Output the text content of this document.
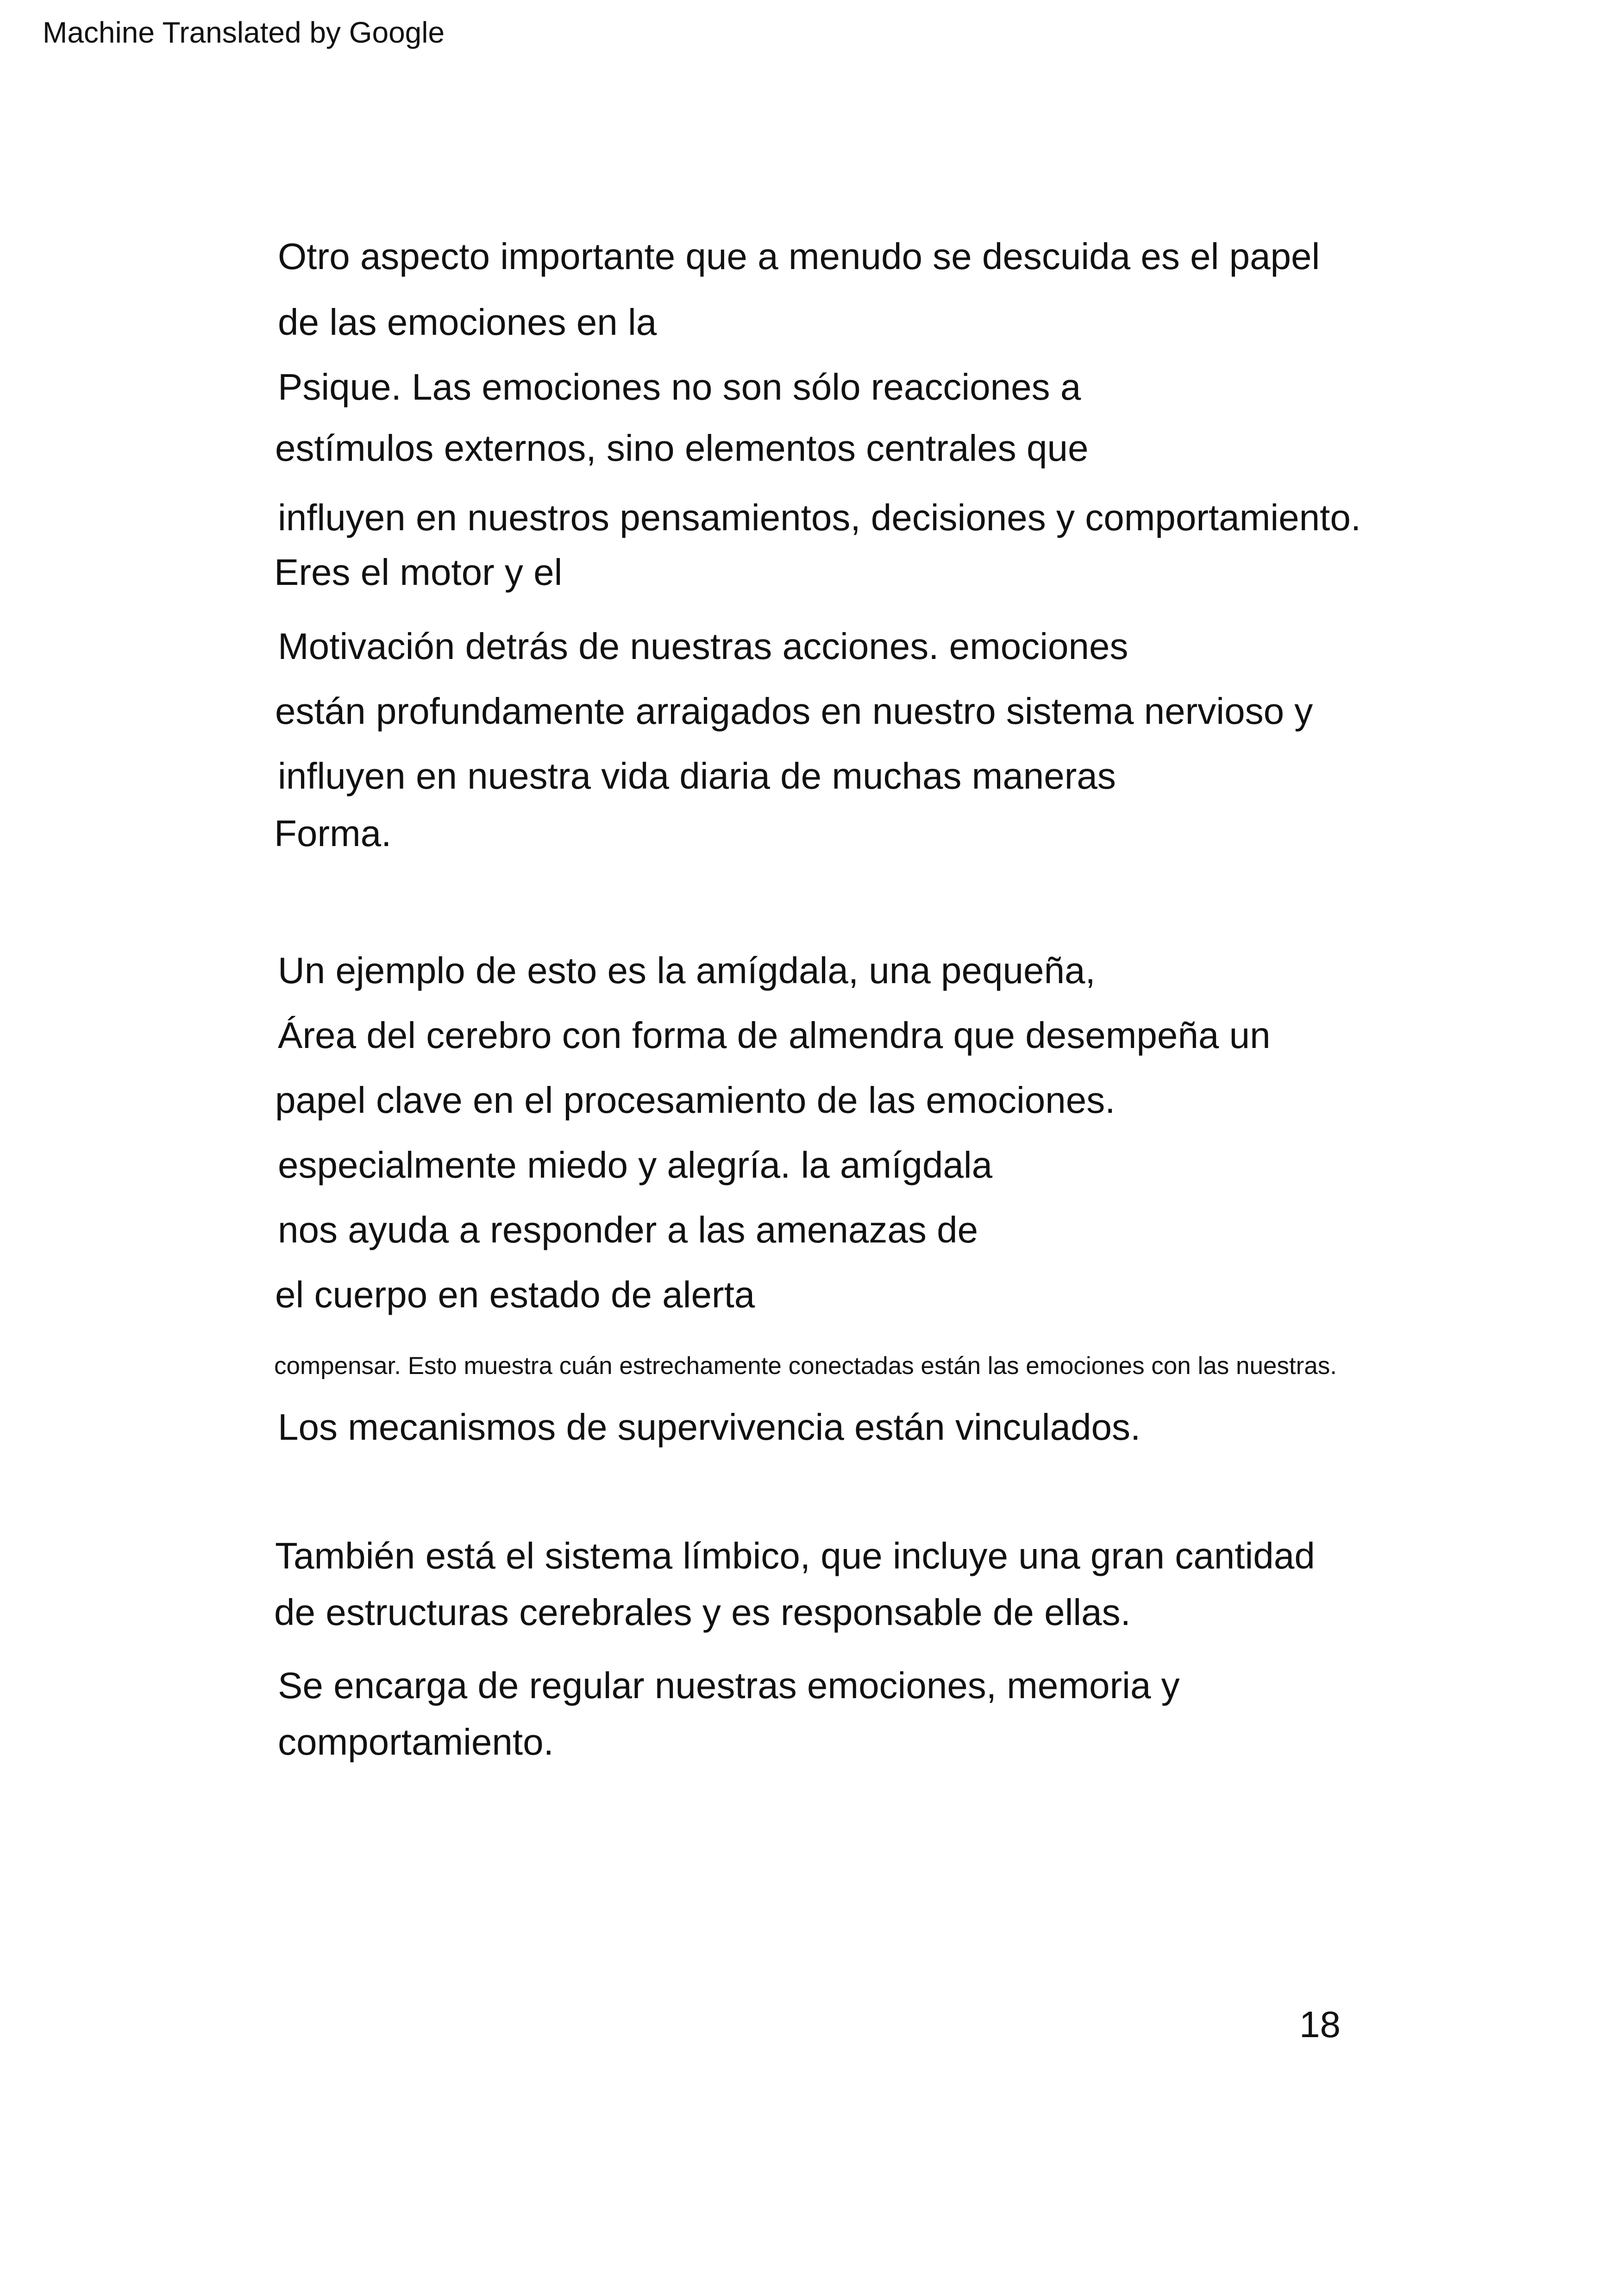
Machine Translated by Google
Otro aspecto importante que a menudo se descuida es el papel
de las emociones en la
Psique. Las emociones no son sólo reacciones a
estímulos externos, sino elementos centrales que
influyen en nuestros pensamientos, decisiones y comportamiento.
Eres el motor y el
Motivación detrás de nuestras acciones. emociones
están profundamente arraigados en nuestro sistema nervioso y
influyen en nuestra vida diaria de muchas maneras
Forma.
Un ejemplo de esto es la amígdala, una pequeña,
Área del cerebro con forma de almendra que desempeña un
papel clave en el procesamiento de las emociones.
especialmente miedo y alegría. la amígdala
nos ayuda a responder a las amenazas de
el cuerpo en estado de alerta
compensar. Esto muestra cuán estrechamente conectadas están las emociones con las nuestras.
Los mecanismos de supervivencia están vinculados.
También está el sistema límbico, que incluye una gran cantidad
de estructuras cerebrales y es responsable de ellas.
Se encarga de regular nuestras emociones, memoria y
comportamiento.
18
